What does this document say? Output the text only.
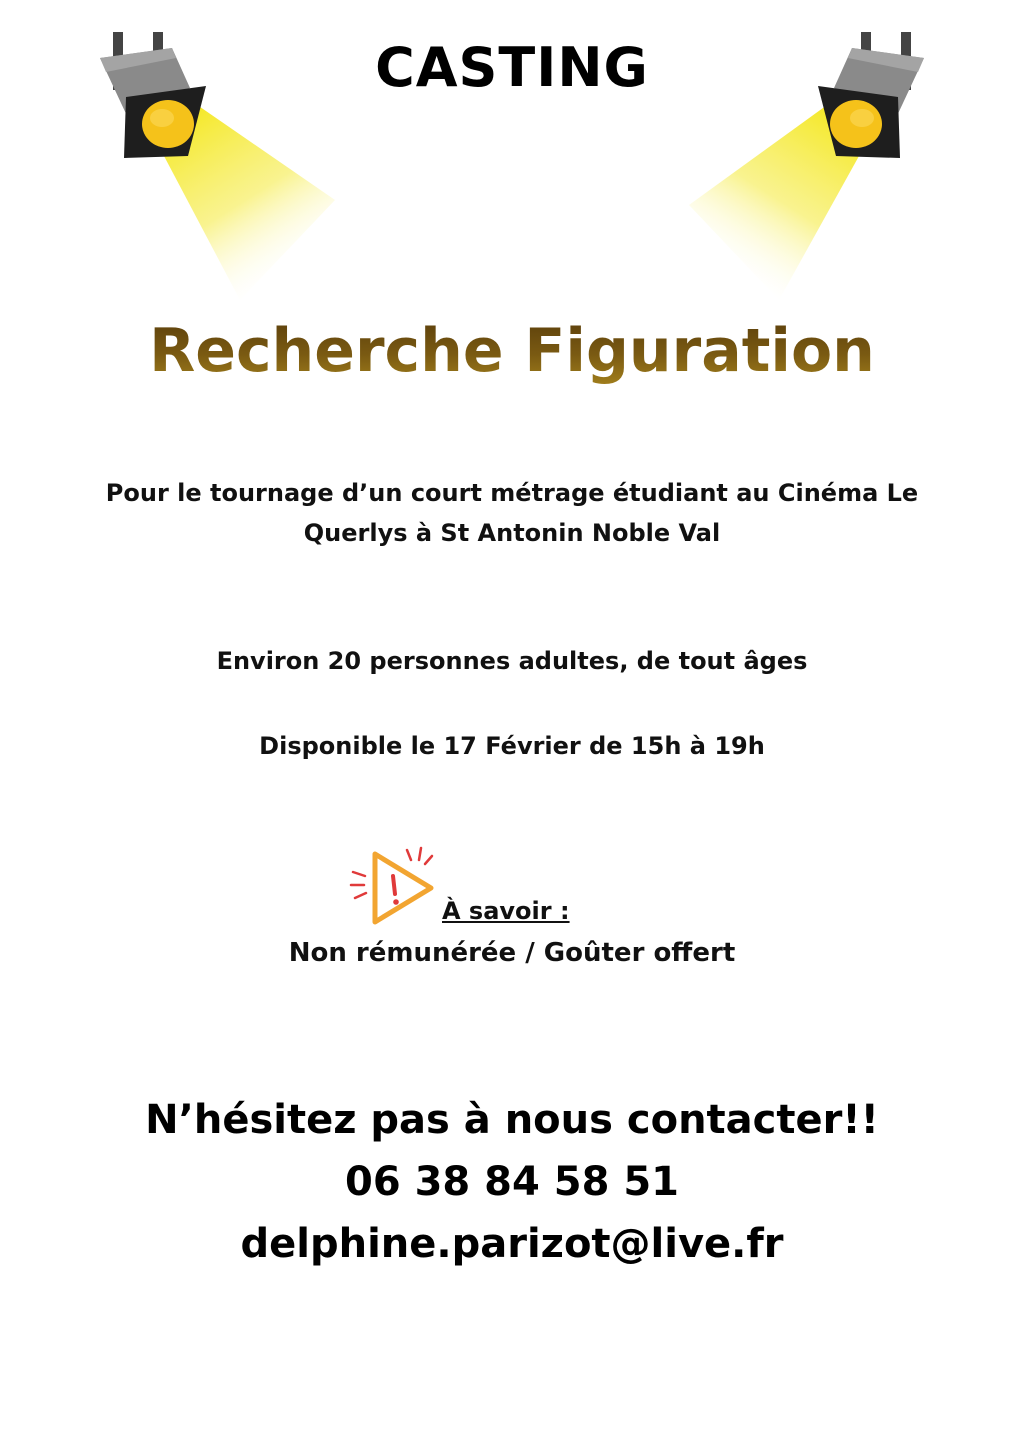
CASTING
Recherche Figuration
Pour le tournage d’un court métrage étudiant au Cinéma Le
Querlys à St Antonin Noble Val
Environ 20 personnes adultes, de tout âges
Disponible le 17 Février de 15h à 19h
À savoir :
Non rémunérée / Goûter offert
N’hésitez pas à nous contacter!!
06 38 84 58 51
delphine.parizot@live.fr
